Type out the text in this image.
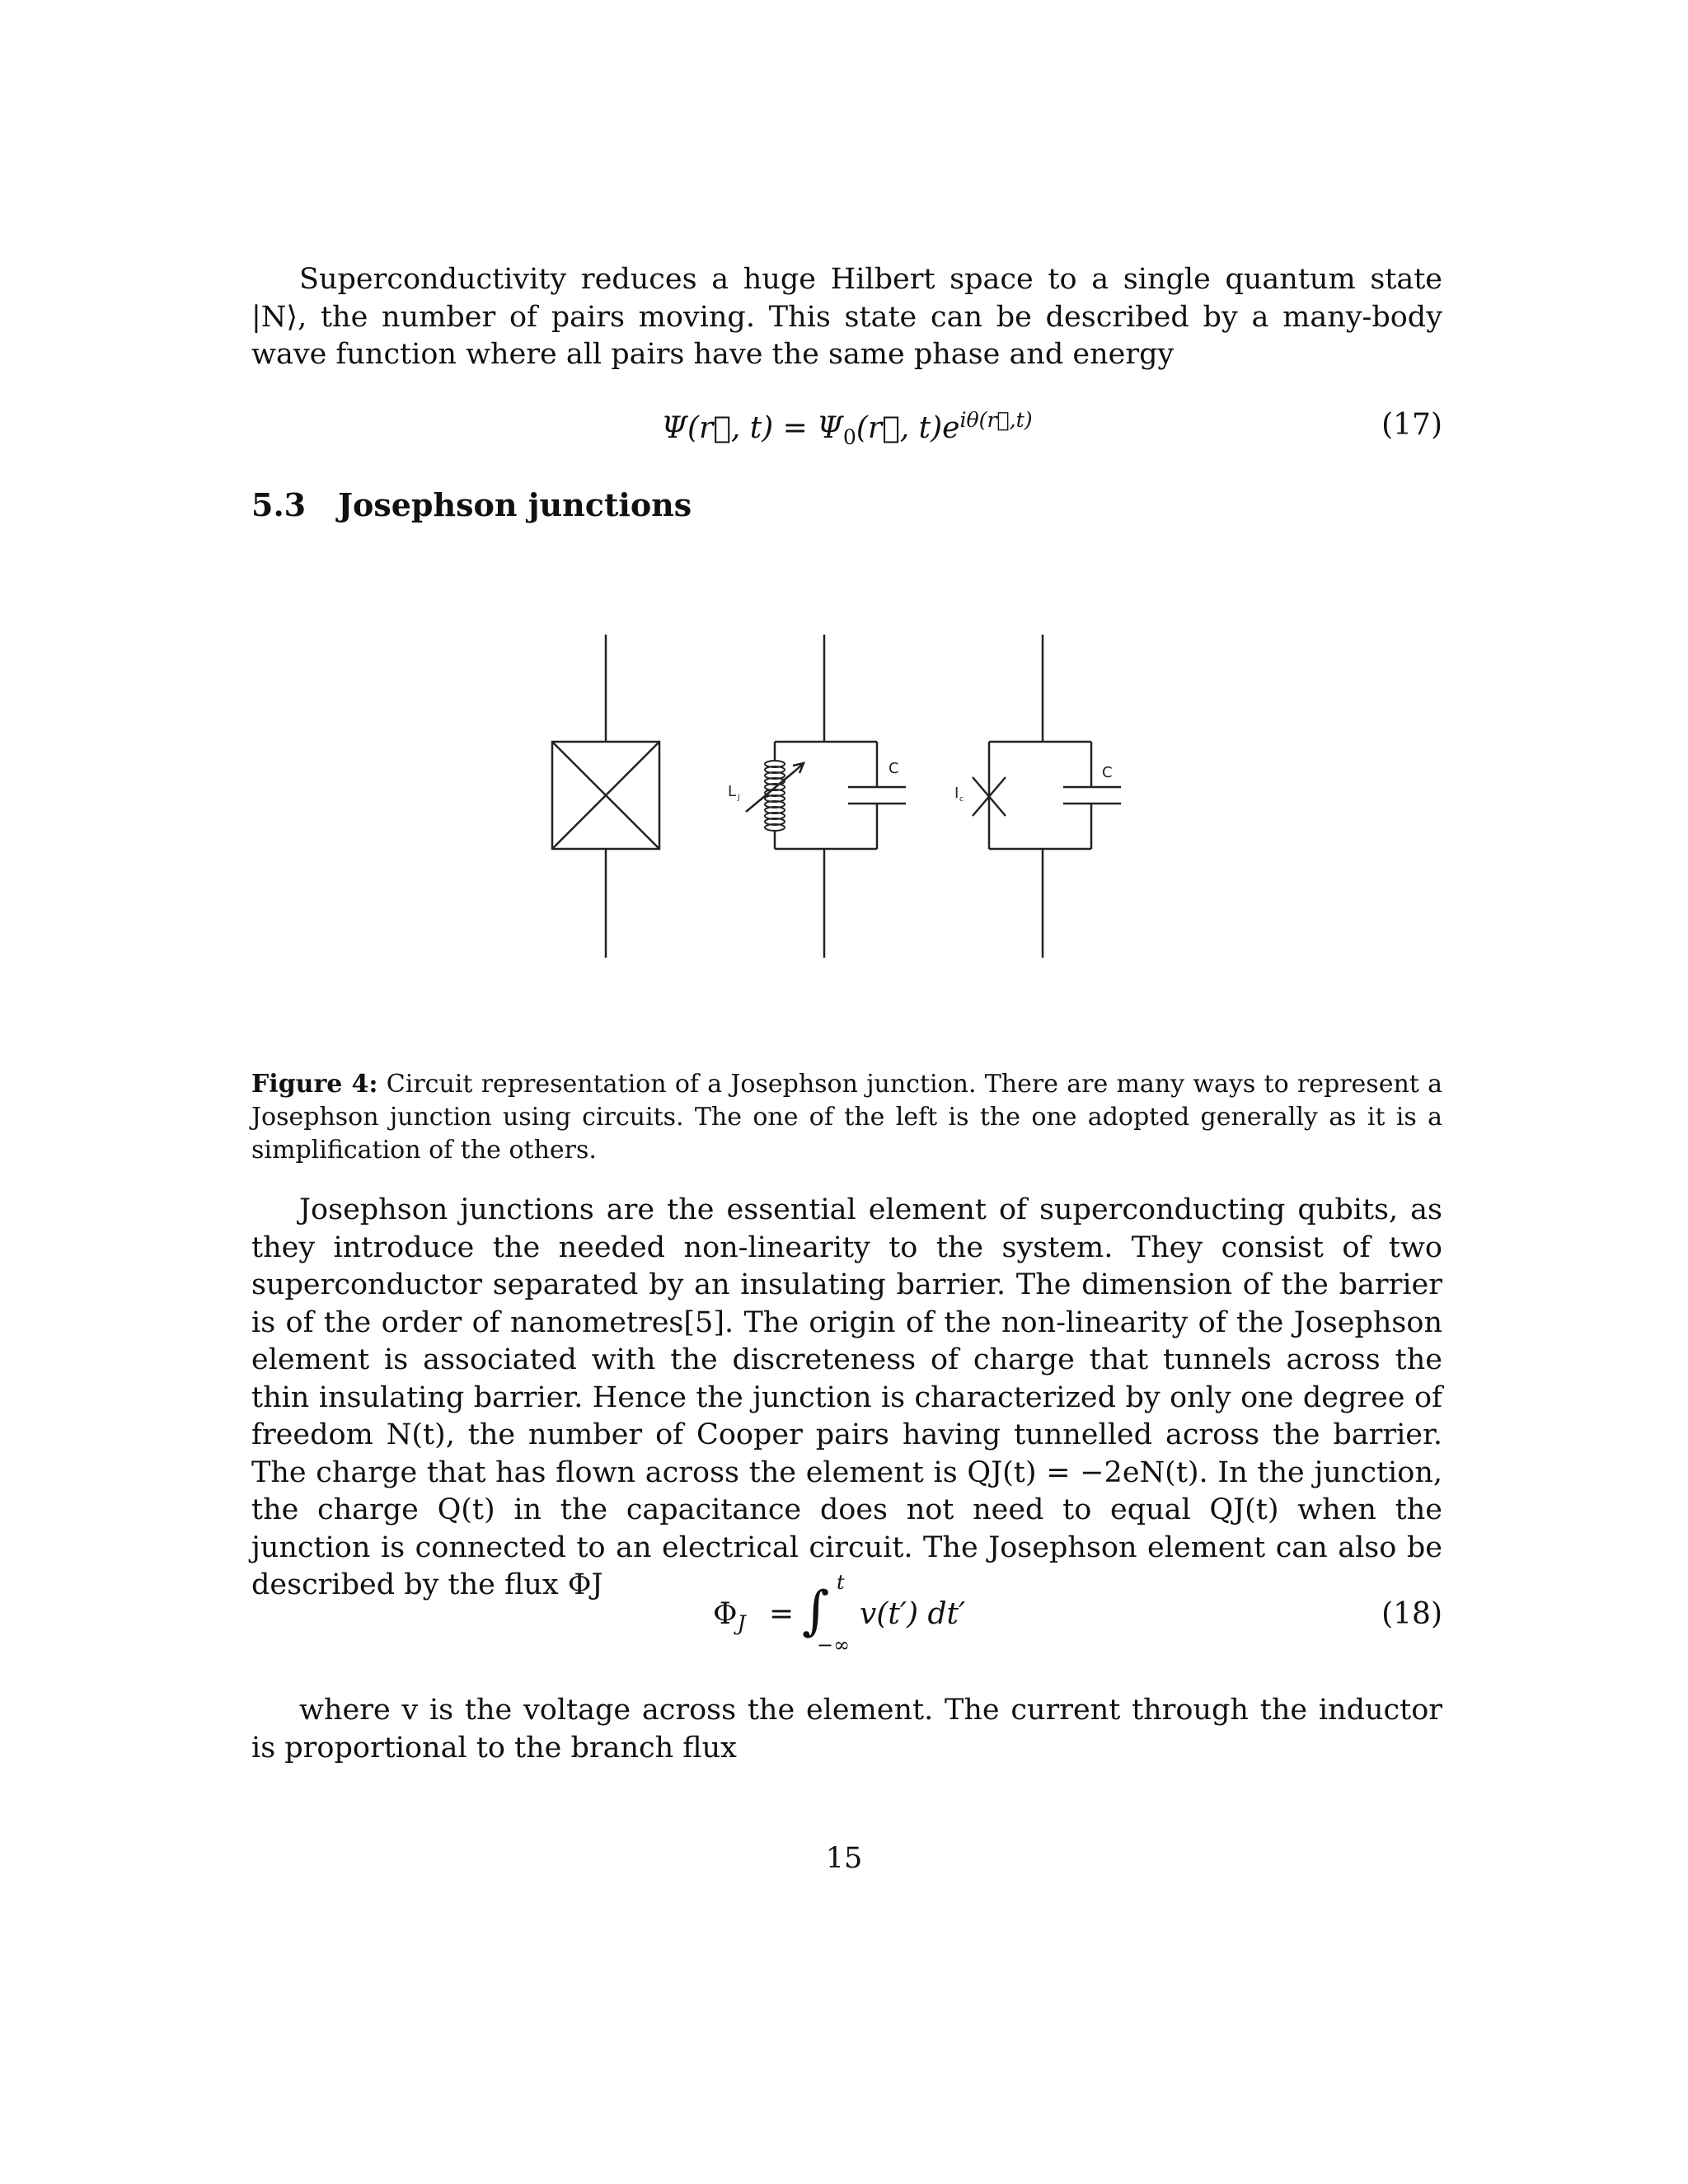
Superconductivity reduces a huge Hilbert space to a single quantum state |N⟩, the number of pairs moving. This state can be described by a many-body wave function where all pairs have the same phase and energy

Ψ(r⃗, $t) = \Psi_0(r⃗$, $t)e^{i\theta(r⃗,t)}$	(17)
5.3 Josephson junctions
L J
C
I c
C

Figure 4: Circuit representation of a Josephson junction. There are many ways to represent a Josephson junction using circuits. The one of the left is the one adopted generally as it is a simplification of the others.

Josephson junctions are the essential element of superconducting qubits, as they introduce the needed non-linearity to the system. They consist of two superconductor separated by an insulating barrier. The dimension of the barrier is of the order of nanometres[5]. The origin of the non-linearity of the Josephson element is associated with the discreteness of charge that tunnels across the thin insulating barrier. Hence the junction is characterized by only one degree of freedom N(t), the number of Cooper pairs having tunnelled across the barrier. The charge that has flown across the element is QJ(t) = −2eN(t). In the junction, the charge Q(t) in the capacitance does not need to equal QJ(t) when the junction is connected to an electrical circuit. The Josephson element can also be described by the flux ΦJ

$\Phi_J$ = ∫ t
−∞
v(t′) dt′	(18)

where v is the voltage across the element. The current through the inductor is proportional to the branch flux

15
